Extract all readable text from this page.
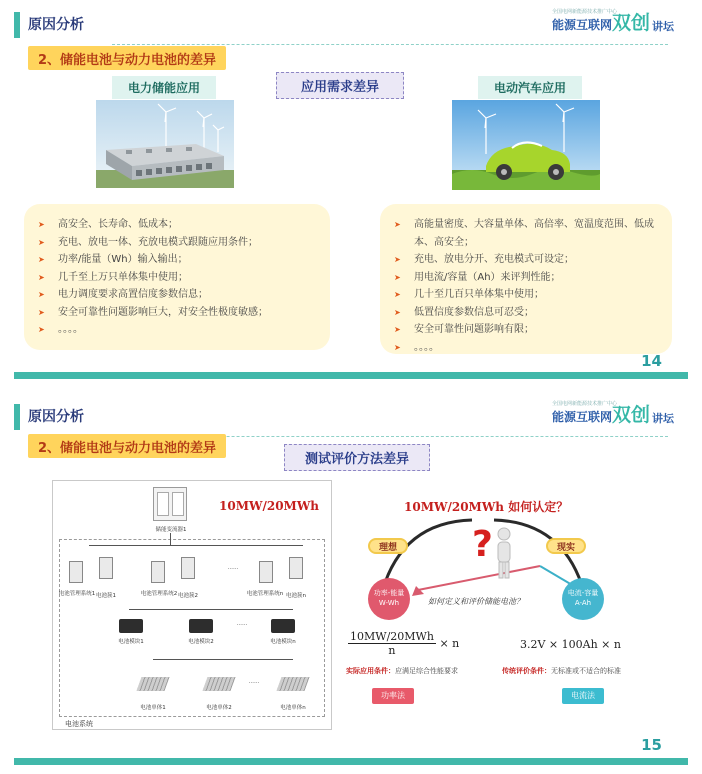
原因分析
全国电网新能源技术推广中心
能源互联网 双创 讲坛
2、储能电池与动力电池的差异
应用需求差异
电力储能应用	电动汽车应用
➤ 高安全、长寿命、低成本；
➤ 充电、放电一体、充放电模式跟随应用条件；
➤ 功率/能量（Wh）输入输出；
➤ 几千至上万只单体集中使用；
➤ 电力调度要求高置信度参数信息；
➤ 安全可靠性问题影响巨大，对安全性极度敏感；
➤ 。。。。
➤ 高能量密度、大容量单体、高倍率、宽温度范围、低成本、高安全；
➤ 充电、放电分开、充电模式可设定；
➤ 用电流/容量（Ah）来评判性能；
➤ 几十至几百只单体集中使用；
➤ 低置信度参数信息可忍受；
➤ 安全可靠性问题影响有限；
➤ 。。。。
14
原因分析
全国电网新能源技术推广中心
能源互联网 双创 讲坛
2、储能电池与动力电池的差异
测试评价方法差异
储能变流器1
10MW/20MWh
……
电池管理系统1 电池簇1	电池管理系统2 电池簇2	电池管理系统n 电池簇n
……
电池模块1	电池模块2	电池模块n
……
电池单体1	电池单体2	电池单体n
电池系统
10MW/20MWh 如何认定？
?
理想	现实
功率-能量
W-Wh
电流-容量
A-Ah
如何定义和评价储能电池？
10MW/20MWh
n
× n	3.2V × 100Ah × n
实际应用条件：应满足综合性能要求	传统评价条件：无标准或不适合的标准
功率法	电流法
15
